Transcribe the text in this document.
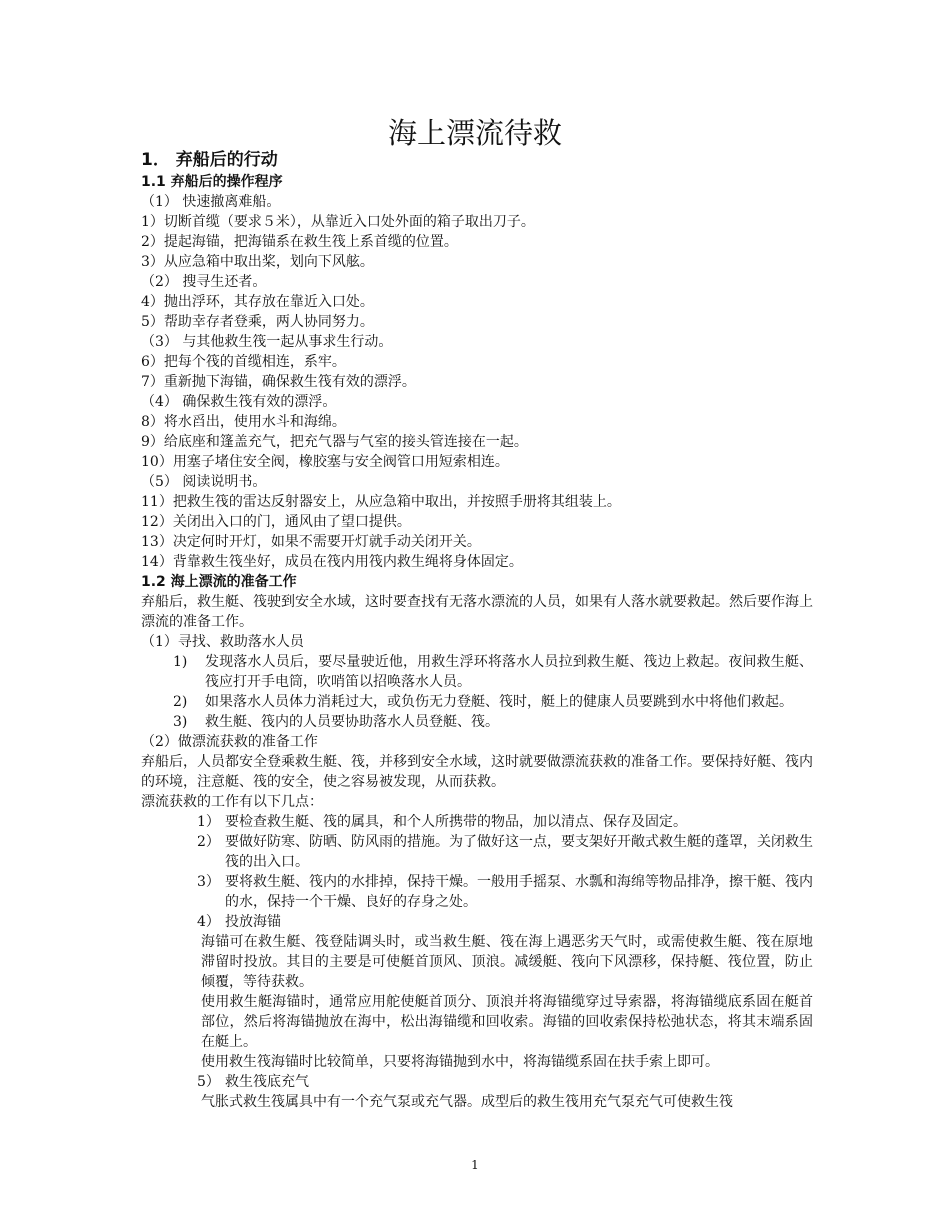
海上漂流待救
1． 弃船后的行动
1.1 弃船后的操作程序

（1） 快速撤离难船。

1）切断首缆（要求５米），从靠近入口处外面的箱子取出刀子。

2）提起海锚，把海锚系在救生筏上系首缆的位置。

3）从应急箱中取出桨，划向下风舷。

（2） 搜寻生还者。

4）抛出浮环，其存放在靠近入口处。

5）帮助幸存者登乘，两人协同努力。

（3） 与其他救生筏一起从事求生行动。

6）把每个筏的首缆相连，系牢。

7）重新抛下海锚，确保救生筏有效的漂浮。

（4） 确保救生筏有效的漂浮。

8）将水舀出，使用水斗和海绵。

9）给底座和篷盖充气，把充气器与气室的接头管连接在一起。

10）用塞子堵住安全阀，橡胶塞与安全阀管口用短索相连。

（5） 阅读说明书。

11）把救生筏的雷达反射器安上，从应急箱中取出，并按照手册将其组装上。

12）关闭出入口的门，通风由了望口提供。

13）决定何时开灯，如果不需要开灯就手动关闭开关。

14）背靠救生筏坐好，成员在筏内用筏内救生绳将身体固定。

1.2 海上漂流的准备工作

弃船后，救生艇、筏驶到安全水域，这时要查找有无落水漂流的人员，如果有人落水就要救起。然后要作海上漂流的准备工作。

（1）寻找、救助落水人员

1) 发现落水人员后，要尽量驶近他，用救生浮环将落水人员拉到救生艇、筏边上救起。夜间救生艇、筏应打开手电筒，吹哨笛以招唤落水人员。
2) 如果落水人员体力消耗过大，或负伤无力登艇、筏时，艇上的健康人员要跳到水中将他们救起。
3) 救生艇、筏内的人员要协助落水人员登艇、筏。

（2）做漂流获救的准备工作

弃船后，人员都安全登乘救生艇、筏，并移到安全水域，这时就要做漂流获救的准备工作。要保持好艇、筏内的环境，注意艇、筏的安全，使之容易被发现，从而获救。

漂流获救的工作有以下几点：

1） 要检查救生艇、筏的属具，和个人所携带的物品，加以清点、保存及固定。
2） 要做好防寒、防晒、防风雨的措施。为了做好这一点，要支架好开敞式救生艇的蓬罩，关闭救生筏的出入口。
3） 要将救生艇、筏内的水排掉，保持干燥。一般用手摇泵、水瓢和海绵等物品排净，擦干艇、筏内的水，保持一个干燥、良好的存身之处。
4） 投放海锚

海锚可在救生艇、筏登陆调头时，或当救生艇、筏在海上遇恶劣天气时，或需使救生艇、筏在原地滞留时投放。其目的主要是可使艇首顶风、顶浪。减缓艇、筏向下风漂移，保持艇、筏位置，防止倾覆，等待获救。

使用救生艇海锚时，通常应用舵使艇首顶分、顶浪并将海锚缆穿过导索器，将海锚缆底系固在艇首部位，然后将海锚抛放在海中，松出海锚缆和回收索。海锚的回收索保持松弛状态，将其末端系固在艇上。

使用救生筏海锚时比较简单，只要将海锚抛到水中，将海锚缆系固在扶手索上即可。

5） 救生筏底充气

气胀式救生筏属具中有一个充气泵或充气器。成型后的救生筏用充气泵充气可使救生筏

1
